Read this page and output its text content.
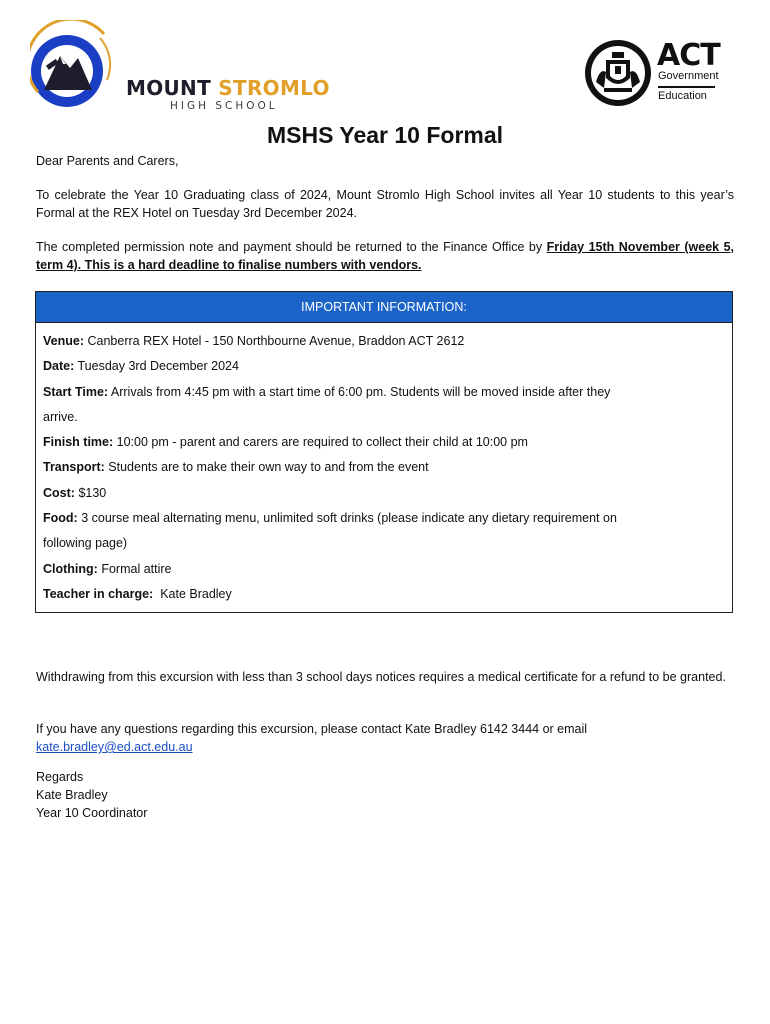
MOUNT STROMLO
HIGH SCHOOL
ACT
Government
Education
MSHS Year 10 Formal
Dear Parents and Carers,
To celebrate the Year 10 Graduating class of 2024, Mount Stromlo High School invites all Year 10 students to this year’s Formal at the REX Hotel on Tuesday 3rd December 2024.
The completed permission note and payment should be returned to the Finance Office by Friday 15th November (week 5, term 4). This is a hard deadline to finalise numbers with vendors.
IMPORTANT INFORMATION:
Venue: Canberra REX Hotel - 150 Northbourne Avenue, Braddon ACT 2612
Date: Tuesday 3rd December 2024
Start Time: Arrivals from 4:45 pm with a start time of 6:00 pm. Students will be moved inside after they
arrive.
Finish time: 10:00 pm - parent and carers are required to collect their child at 10:00 pm
Transport: Students are to make their own way to and from the event
Cost: $130
Food: 3 course meal alternating menu, unlimited soft drinks (please indicate any dietary requirement on
following page)
Clothing: Formal attire
Teacher in charge: Kate Bradley
Withdrawing from this excursion with less than 3 school days notices requires a medical certificate for a refund to be granted.
If you have any questions regarding this excursion, please contact Kate Bradley 6142 3444 or email
kate.bradley@ed.act.edu.au
Regards
Kate Bradley
Year 10 Coordinator
